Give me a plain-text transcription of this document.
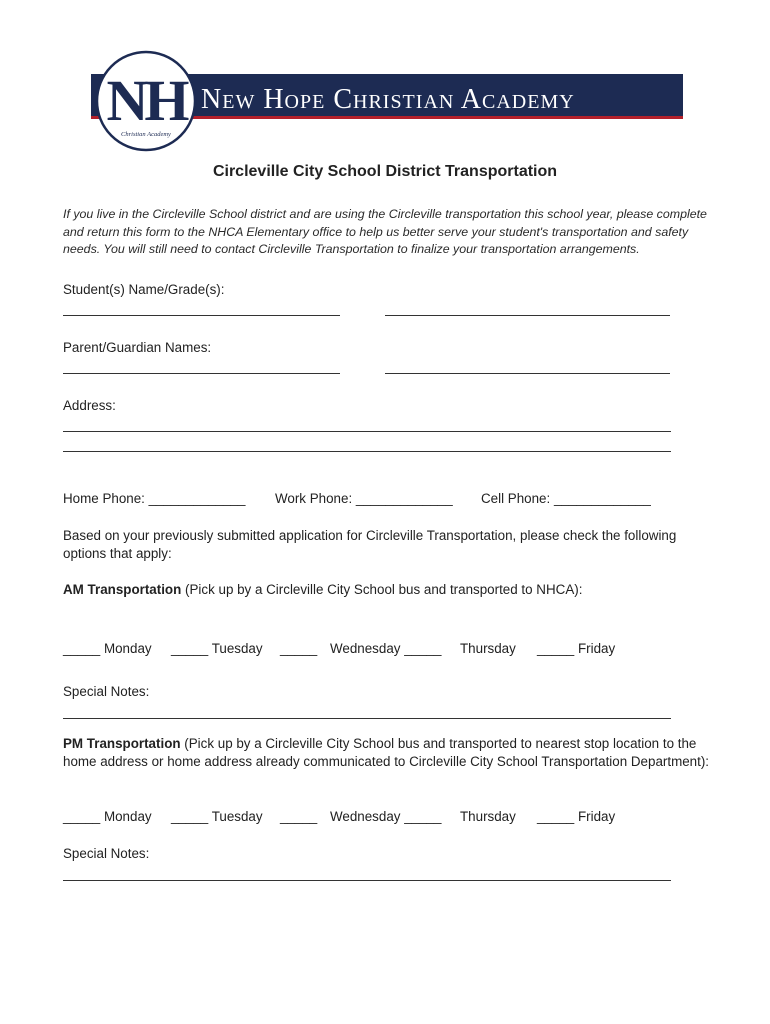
NH
Christian Academy
New Hope Christian Academy
Circleville City School District Transportation
If you live in the Circleville School district and are using the Circleville transportation this school year, please complete and return this form to the NHCA Elementary office to help us better serve your student's transportation and safety needs. You will still need to contact Circleville Transportation to finalize your transportation arrangements.
Student(s) Name/Grade(s):
Parent/Guardian Names:
Address:
Home Phone: _____________ Work Phone: _____________ Cell Phone: _____________
Based on your previously submitted application for Circleville Transportation, please check the following options that apply:
AM Transportation (Pick up by a Circleville City School bus and transported to NHCA):
_____ Monday _____ Tuesday _____ Wednesday _____ Thursday _____ Friday
Special Notes:
PM Transportation (Pick up by a Circleville City School bus and transported to nearest stop location to the home address or home address already communicated to Circleville City School Transportation Department):
_____ Monday _____ Tuesday _____ Wednesday _____ Thursday _____ Friday
Special Notes:
